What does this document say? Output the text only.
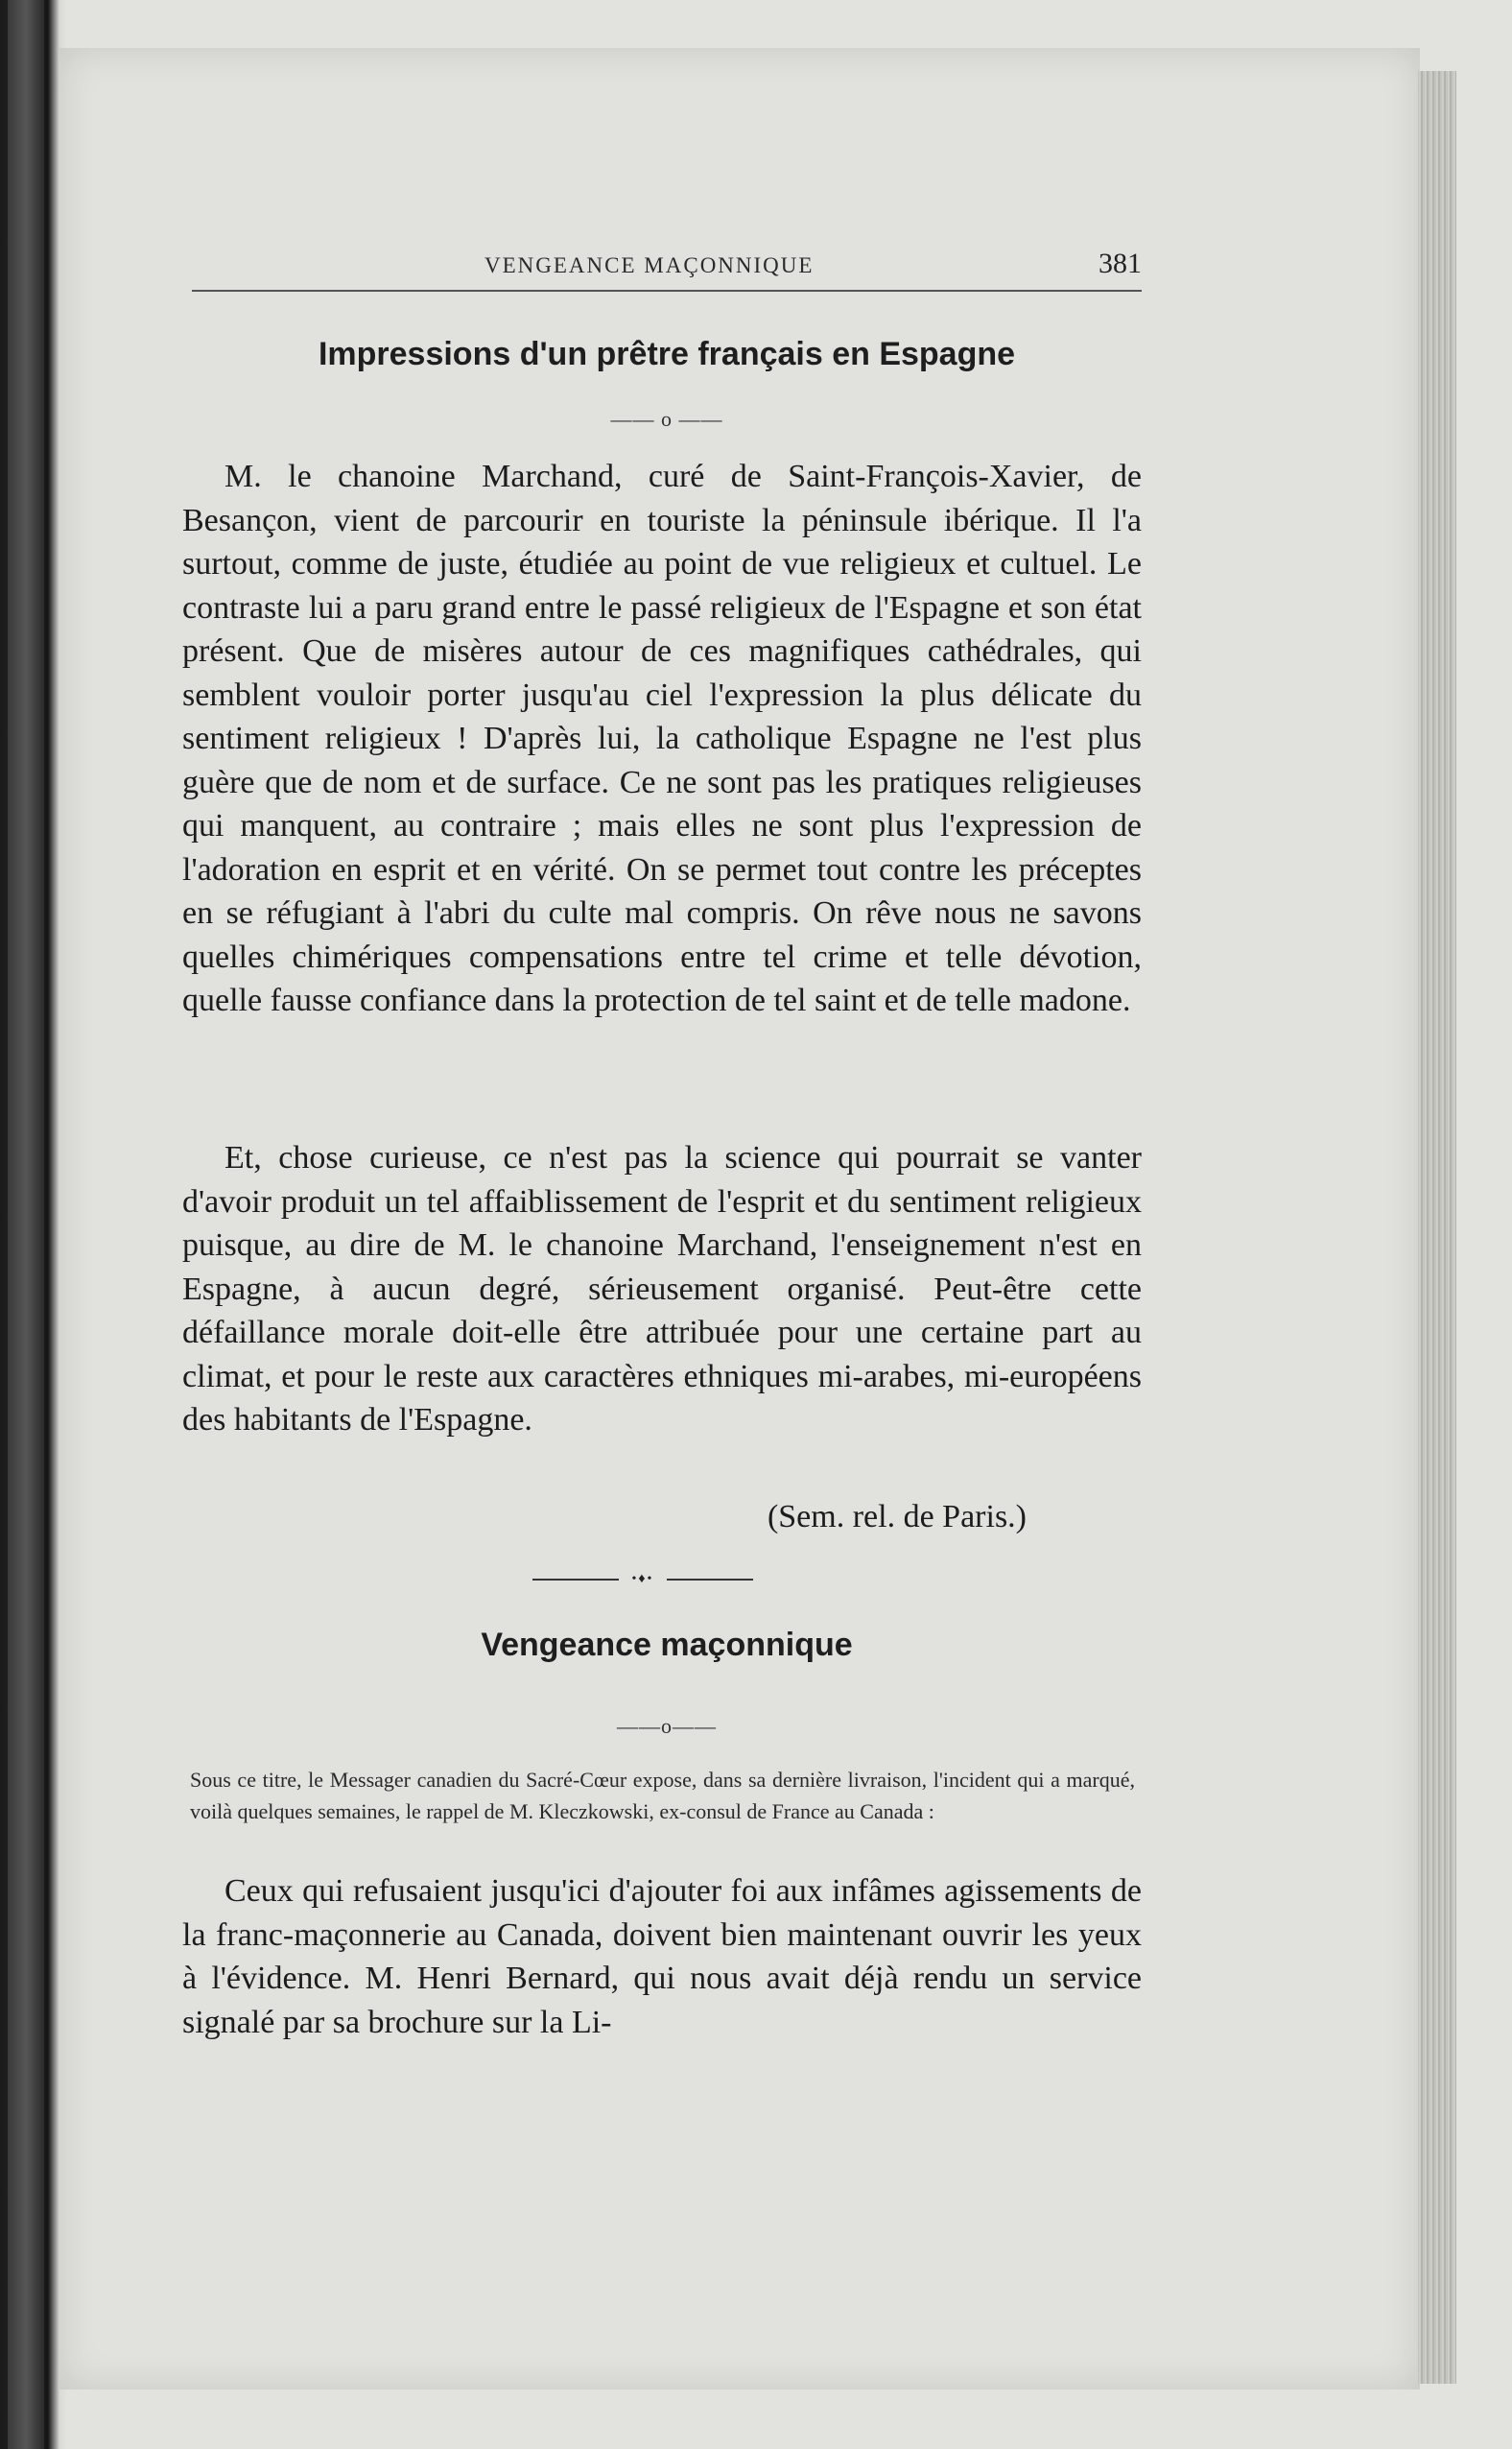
VENGEANCE MAÇONNIQUE	381
Impressions d'un prêtre français en Espagne
—— o ——

M. le chanoine Marchand, curé de Saint-François-Xavier, de Besançon, vient de parcourir en touriste la péninsule ibérique. Il l'a surtout, comme de juste, étudiée au point de vue religieux et cultuel. Le contraste lui a paru grand entre le passé religieux de l'Espagne et son état présent. Que de misères autour de ces magnifiques cathédrales, qui semblent vouloir porter jusqu'au ciel l'expression la plus délicate du sentiment religieux ! D'après lui, la catholique Espagne ne l'est plus guère que de nom et de surface. Ce ne sont pas les pratiques religieuses qui manquent, au contraire ; mais elles ne sont plus l'expression de l'adoration en esprit et en vérité. On se permet tout contre les préceptes en se réfugiant à l'abri du culte mal compris. On rêve nous ne savons quelles chimériques compensations entre tel crime et telle dévotion, quelle fausse confiance dans la protection de tel saint et de telle madone.

Et, chose curieuse, ce n'est pas la science qui pourrait se vanter d'avoir produit un tel affaiblissement de l'esprit et du sentiment religieux puisque, au dire de M. le chanoine Marchand, l'enseignement n'est en Espagne, à aucun degré, sérieusement organisé. Peut-être cette défaillance morale doit-elle être attribuée pour une certaine part au climat, et pour le reste aux caractères ethniques mi-arabes, mi-européens des habitants de l'Espagne.

(Sem. rel. de Paris.)
•♦•
Vengeance maçonnique
——o——

Sous ce titre, le Messager canadien du Sacré-Cœur expose, dans sa dernière livraison, l'incident qui a marqué, voilà quelques semaines, le rappel de M. Kleczkowski, ex-consul de France au Canada :

Ceux qui refusaient jusqu'ici d'ajouter foi aux infâmes agissements de la franc-maçonnerie au Canada, doivent bien maintenant ouvrir les yeux à l'évidence. M. Henri Bernard, qui nous avait déjà rendu un service signalé par sa brochure sur la Li-
